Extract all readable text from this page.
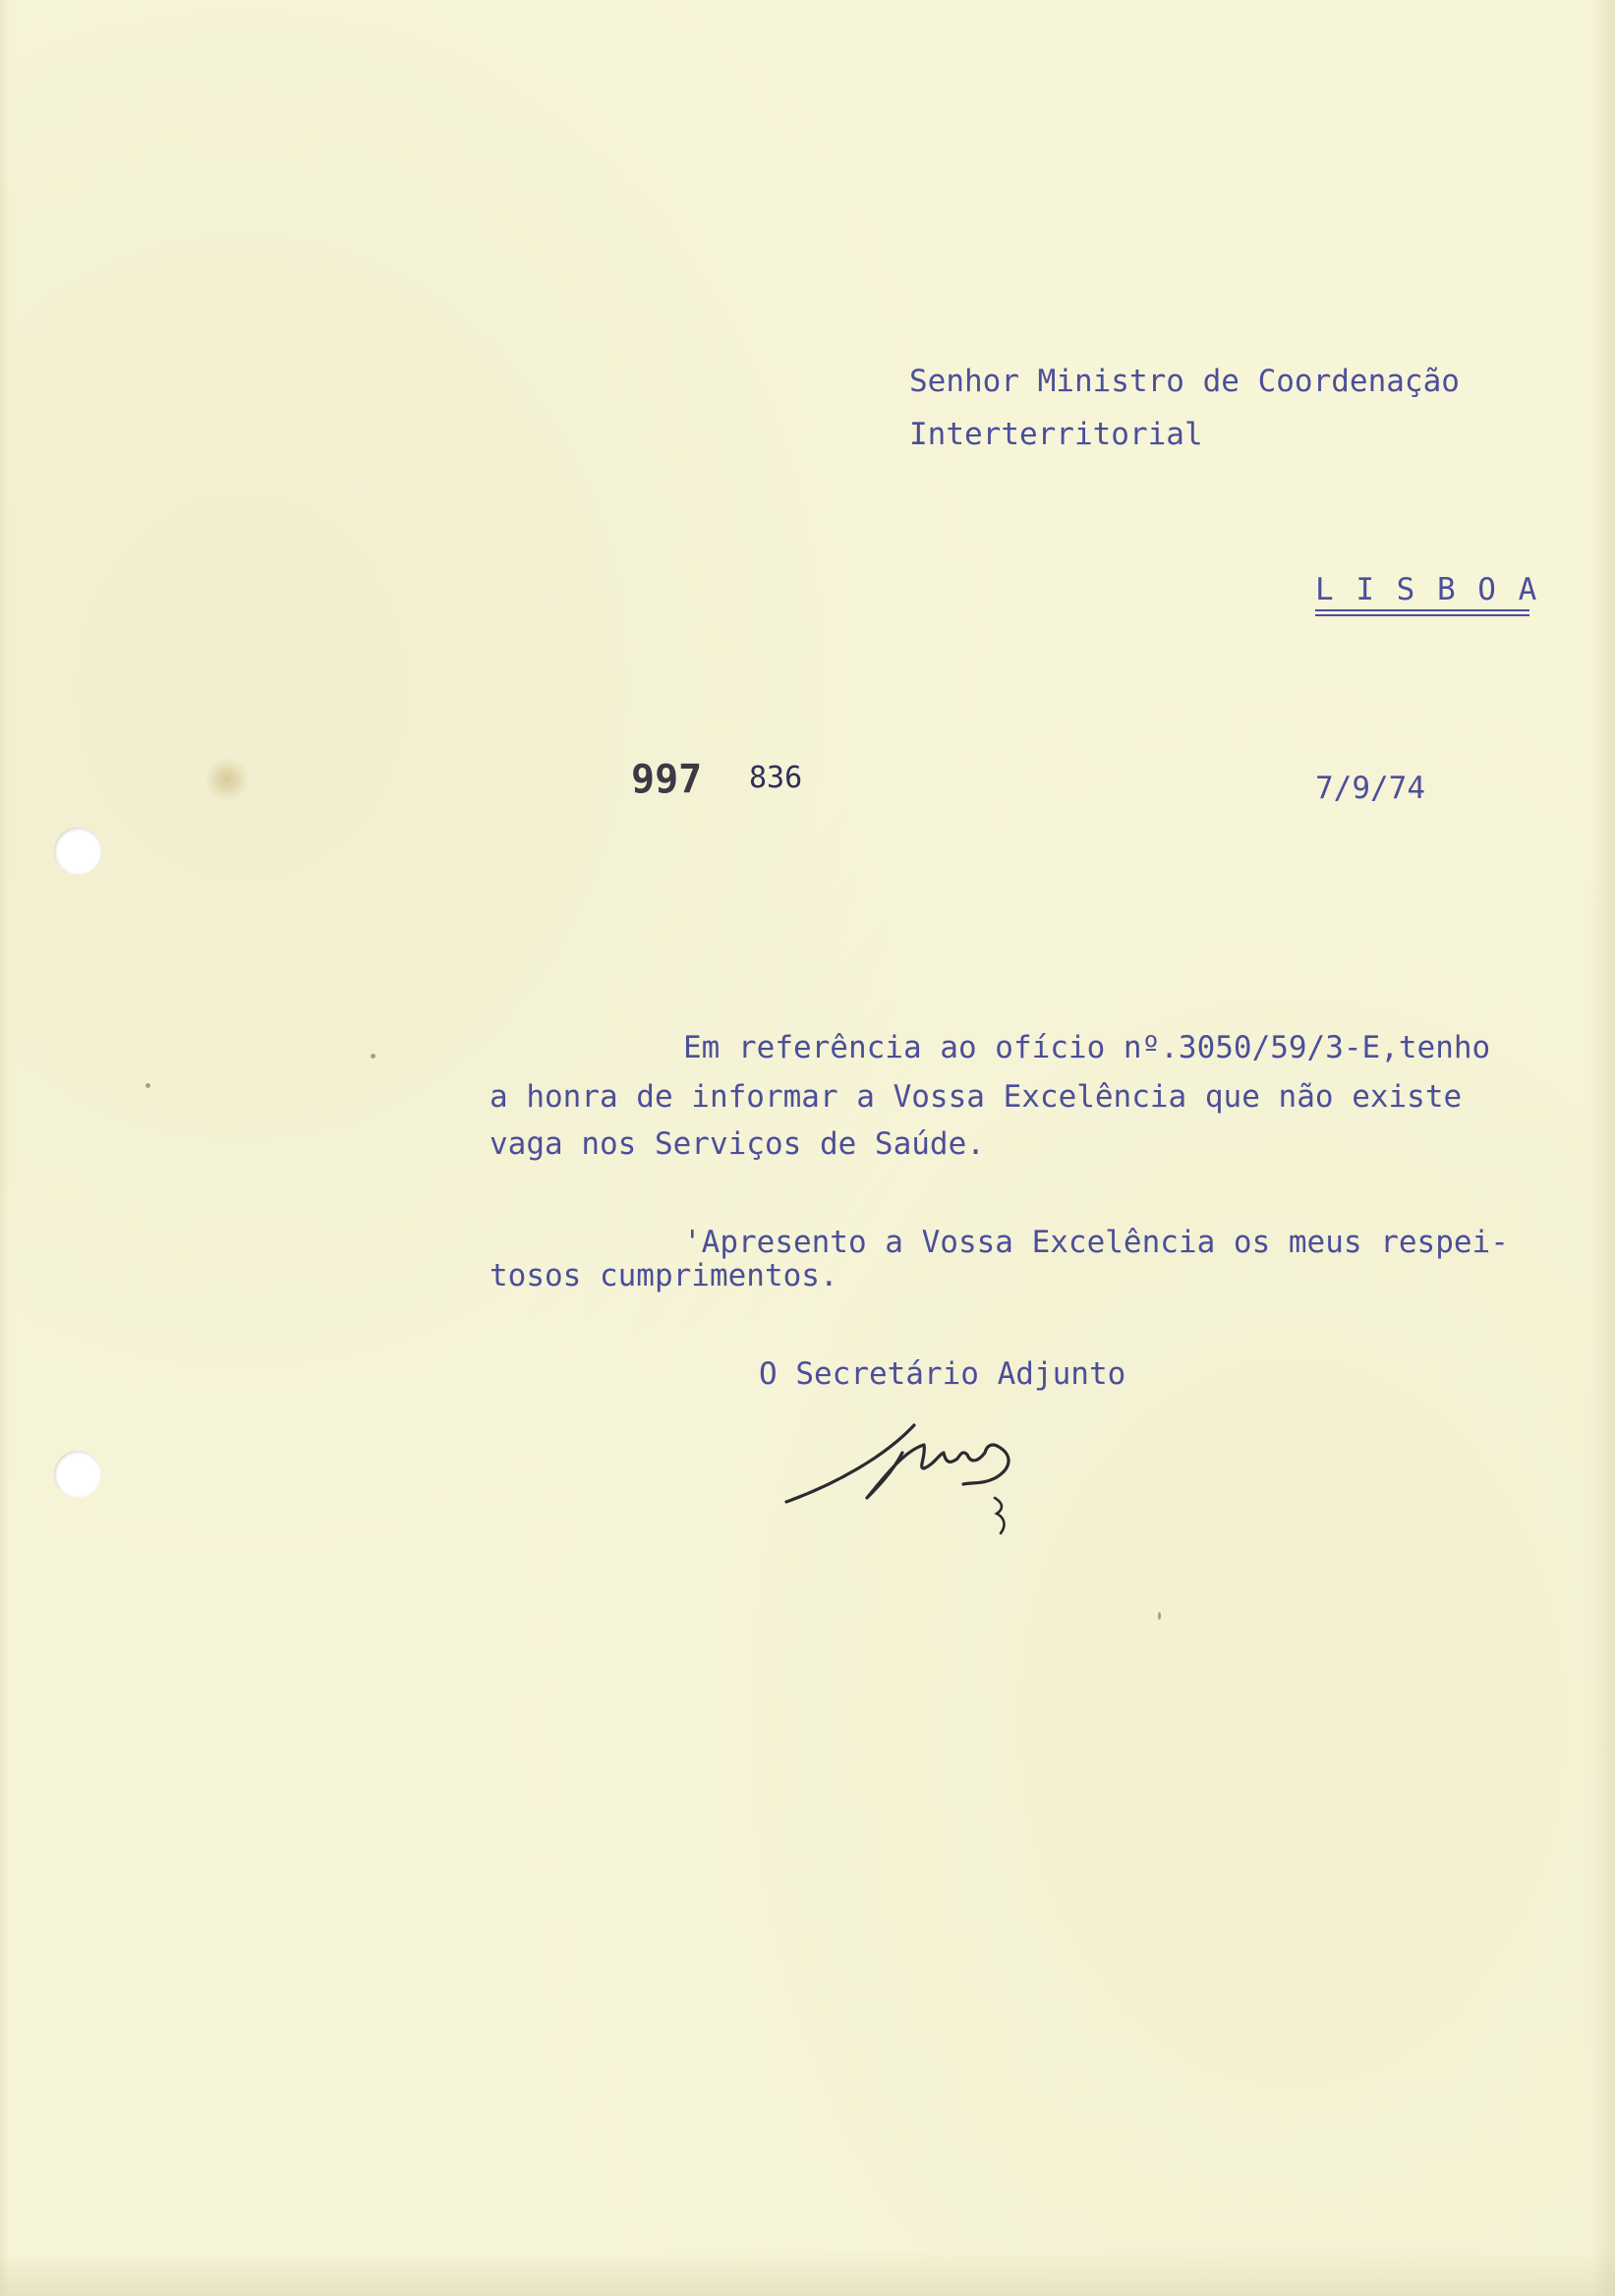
Senhor Ministro de Coordenação
Interterritorial
L I S B O A
997 836	7/9/74
Em referência ao ofício nº.3050/59/3-E,tenho
a honra de informar a Vossa Excelência que não existe
vaga nos Serviços de Saúde.
'Apresento a Vossa Excelência os meus respei-
tosos cumprimentos.
O Secretário Adjunto
